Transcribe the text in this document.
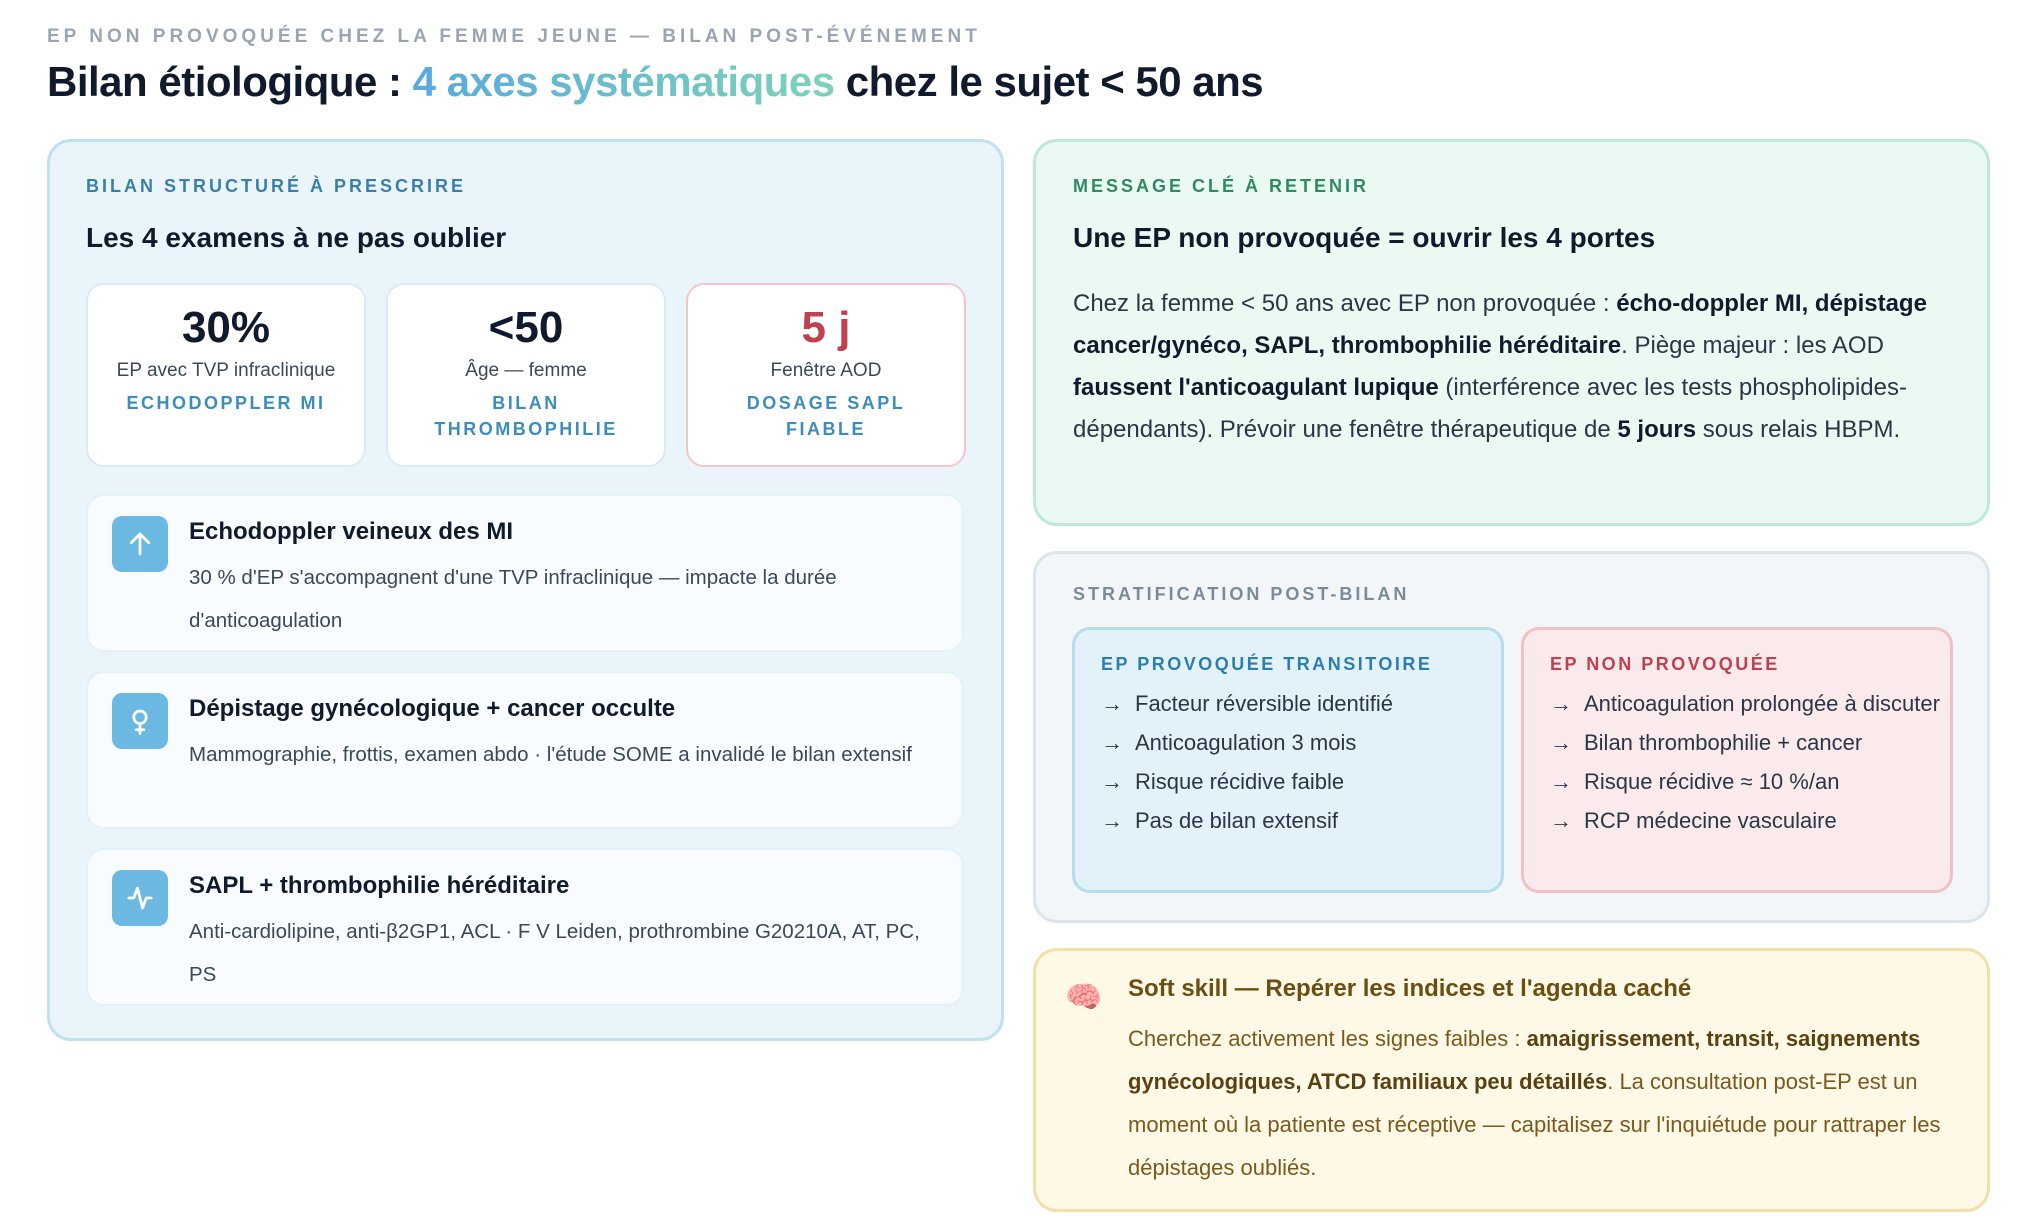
EP NON PROVOQUÉE CHEZ LA FEMME JEUNE — BILAN POST-ÉVÉNEMENT
Bilan étiologique : 4 axes systématiques chez le sujet < 50 ans
BILAN STRUCTURÉ À PRESCRIRE
Les 4 examens à ne pas oublier
30%
EP avec TVP infraclinique
ECHODOPPLER MI
<50
Âge — femme
BILAN THROMBOPHILIE
5 j
Fenêtre AOD
DOSAGE SAPL FIABLE
Echodoppler veineux des MI
30 % d'EP s'accompagnent d'une TVP infraclinique — impacte la durée d'anticoagulation
Dépistage gynécologique + cancer occulte
Mammographie, frottis, examen abdo · l'étude SOME a invalidé le bilan extensif
SAPL + thrombophilie héréditaire
Anti-cardiolipine, anti-β2GP1, ACL · F V Leiden, prothrombine G20210A, AT, PC, PS
MESSAGE CLÉ À RETENIR
Une EP non provoquée = ouvrir les 4 portes
Chez la femme < 50 ans avec EP non provoquée : écho-doppler MI, dépistage cancer/gynéco, SAPL, thrombophilie héréditaire. Piège majeur : les AOD faussent l'anticoagulant lupique (interférence avec les tests phospholipides-dépendants). Prévoir une fenêtre thérapeutique de 5 jours sous relais HBPM.
STRATIFICATION POST-BILAN
EP PROVOQUÉE TRANSITOIRE
→ Facteur réversible identifié
→ Anticoagulation 3 mois
→ Risque récidive faible
→ Pas de bilan extensif
EP NON PROVOQUÉE
→ Anticoagulation prolongée à discuter
→ Bilan thrombophilie + cancer
→ Risque récidive ≈ 10 %/an
→ RCP médecine vasculaire
🧠 Soft skill — Repérer les indices et l'agenda caché
Cherchez activement les signes faibles : amaigrissement, transit, saignements gynécologiques, ATCD familiaux peu détaillés. La consultation post-EP est un moment où la patiente est réceptive — capitalisez sur l'inquiétude pour rattraper les dépistages oubliés.
